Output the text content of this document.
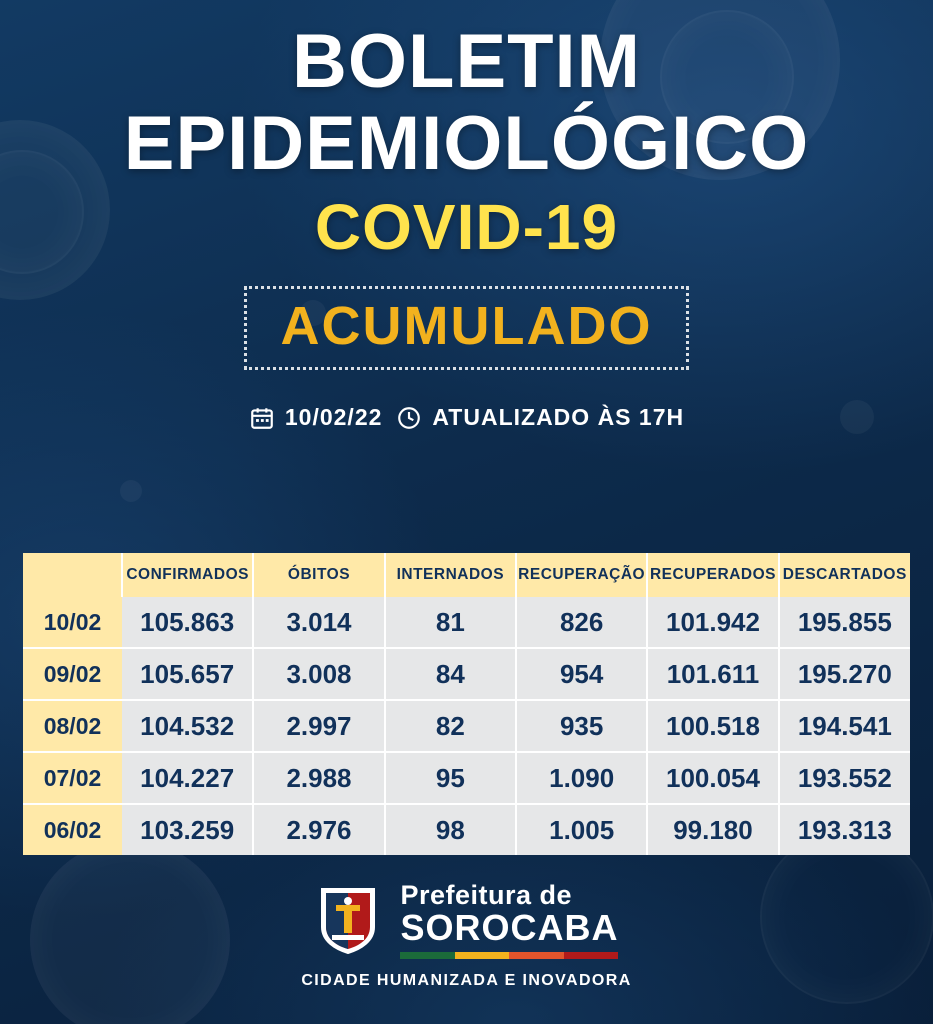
BOLETIM
EPIDEMIOLÓGICO
COVID-19
ACUMULADO
10/02/22 ATUALIZADO ÀS 17H
	CONFIRMADOS	ÓBITOS	INTERNADOS	RECUPERAÇÃO	RECUPERADOS	DESCARTADOS
10/02	105.863	3.014	81	826	101.942	195.855
09/02	105.657	3.008	84	954	101.611	195.270
08/02	104.532	2.997	82	935	100.518	194.541
07/02	104.227	2.988	95	1.090	100.054	193.552
06/02	103.259	2.976	98	1.005	99.180	193.313
Prefeitura de
SOROCABA
CIDADE HUMANIZADA E INOVADORA
